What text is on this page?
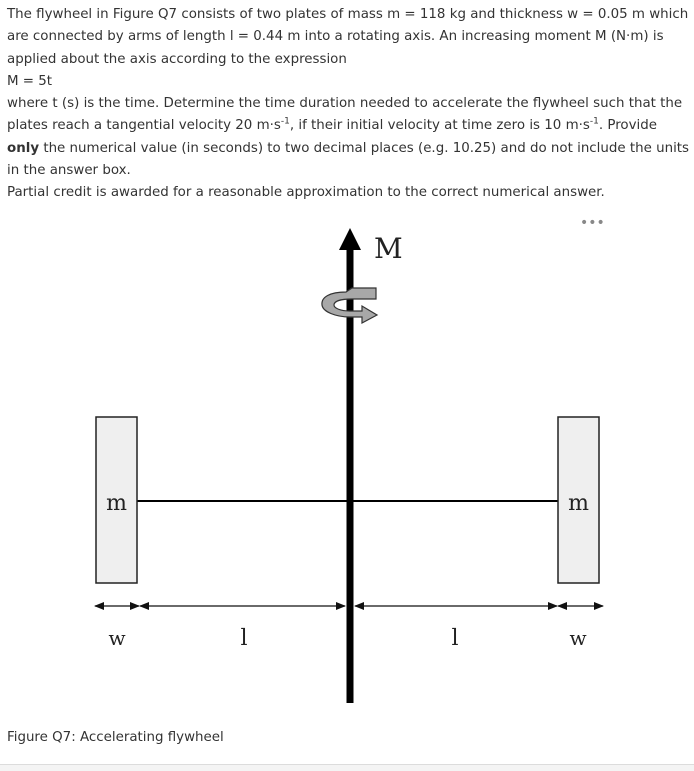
The flywheel in Figure Q7 consists of two plates of mass m = 118 kg and thickness w = 0.05 m which are connected by arms of length l = 0.44 m into a rotating axis. An increasing moment M (N·m) is applied about the axis according to the expression

M = 5t

where t (s) is the time. Determine the time duration needed to accelerate the flywheel such that the plates reach a tangential velocity 20 $m\cdot s^{-1}$, if their initial velocity at time zero is 10 $m\cdot s^{-1}$. Provide only the numerical value (in seconds) to two decimal places (e.g. 10.25) and do not include the units in the answer box.

Partial credit is awarded for a reasonable approximation to the correct numerical answer.

•••
M
m	m
w	l	l	w
Figure Q7: Accelerating flywheel
